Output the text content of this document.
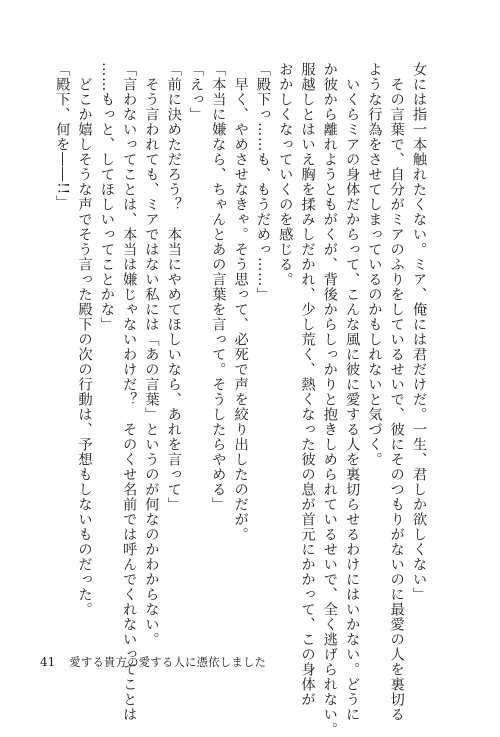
女には指一本触れたくない。ミア、俺には君だけだ。一生、君しか欲しくない」
　その言葉で、自分がミアのふりをしているせいで、彼にそのつもりがないのに最愛の人を裏切る
ような行為をさせてしまっているのかもしれないと気づく。
　いくらミアの身体だからって、こんな風に彼に愛する人を裏切らせるわけにはいかない。どうに
か彼から離れようともがくが、背後からしっかりと抱きしめられているせいで、全く逃げられない。
服越しとはいえ胸を揉みしだかれ、少し荒く、熱くなった彼の息が首元にかかって、この身体が
おかしくなっていくのを感じる。
「殿下っ……も、もうだめっ……」
　早く、やめさせなきゃ。そう思って、必死で声を絞り出したのだが。
「本当に嫌なら、ちゃんとあの言葉を言って。そうしたらやめる」
「えっ」
「前に決めただろう？　本当にやめてほしいなら、あれを言って」
　そう言われても、ミアではない私には「あの言葉」というのが何なのかわからない。
「言わないってことは、本当は嫌じゃないわけだ？　そのくせ名前では呼んでくれないってことは
……もっと、してほしいってことかな」
　どこか嬉しそうな声でそう言った殿下の次の行動は、予想もしないものだった。
「殿下、何を――!!」
41 愛する貴方の愛する人に憑依しました
